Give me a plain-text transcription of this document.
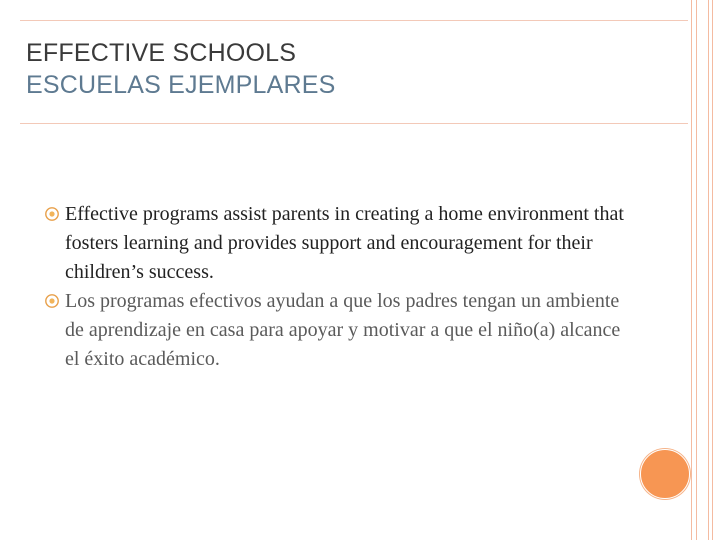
EFFECTIVE SCHOOLS
ESCUELAS EJEMPLARES
Effective programs assist parents in creating a home environment that fosters learning and provides support and encouragement for their children’s success.
Los programas efectivos ayudan a que los padres tengan un ambiente de aprendizaje en casa para apoyar y motivar a que el niño(a) alcance el éxito académico.
